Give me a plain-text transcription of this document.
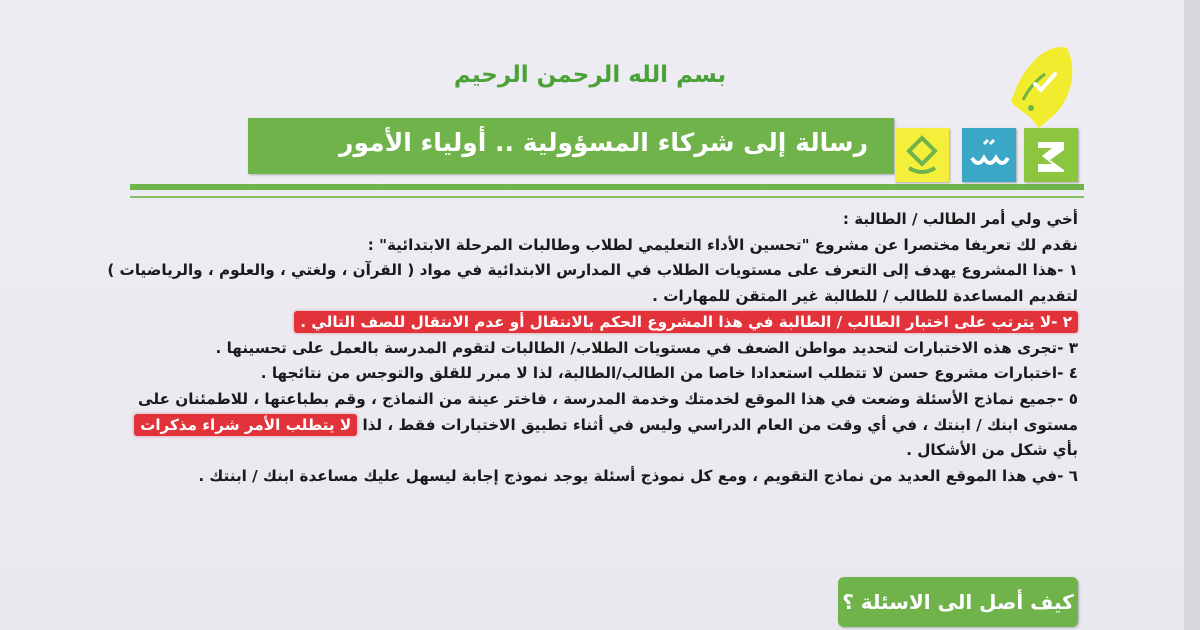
بسم الله الرحمن الرحيم
رسالة إلى شركاء المسؤولية .. أولياء الأمور
أخي ولي أمر الطالب / الطالبة :
نقدم لك تعريفا مختصرا عن مشروع "تحسين الأداء التعليمي لطلاب وطالبات المرحلة الابتدائية" :
١ -هذا المشروع يهدف إلى التعرف على مستويات الطلاب في المدارس الابتدائية في مواد ( القرآن ، ولغتي ، والعلوم ، والرياضيات )
لتقديم المساعدة للطالب / للطالبة غير المتقن للمهارات .
٢ -لا يترتب على اختبار الطالب / الطالبة في هذا المشروع الحكم بالانتقال أو عدم الانتقال للصف التالي .
٣ -تجرى هذه الاختبارات لتحديد مواطن الضعف في مستويات الطلاب/ الطالبات لتقوم المدرسة بالعمل على تحسينها .
٤ -اختبارات مشروع حسن لا تتطلب استعدادا خاصا من الطالب/الطالبة، لذا لا مبرر للقلق والتوجس من نتائجها .
٥ -جميع نماذج الأسئلة وضعت في هذا الموقع لخدمتك وخدمة المدرسة ، فاختر عينة من النماذج ، وقم بطباعتها ، للاطمئنان على
مستوى ابنك / ابنتك ، في أي وقت من العام الدراسي وليس في أثناء تطبيق الاختبارات فقط ، لذا لا يتطلب الأمر شراء مذكرات
بأي شكل من الأشكال .
٦ -في هذا الموقع العديد من نماذج التقويم ، ومع كل نموذج أسئلة يوجد نموذج إجابة ليسهل عليك مساعدة ابنك / ابنتك .
كيف أصل الى الاسئلة ؟
